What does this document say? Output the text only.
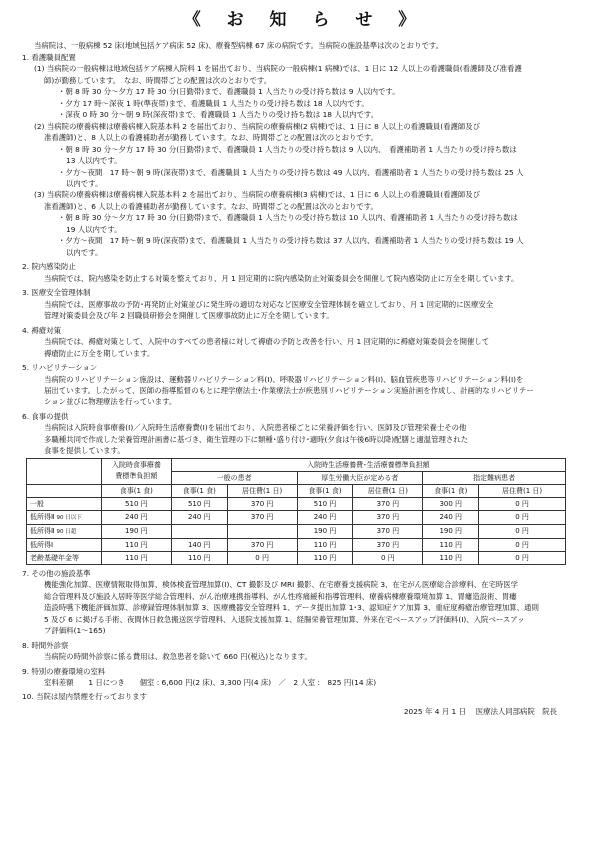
《 お 知 ら せ 》

当病院は、一般病棟 52 床(地域包括ケア病床 52 床)、療養型病棟 67 床の病院です。当病院の施設基準は次のとおりです。

1. 看護職員配置

(1) 当病院の一般病棟は地域包括ケア病棟入院料 1 を届出ており、当病院の一般病棟(1 病棟)では、1 日に 12 人以上の看護職員(看護師及び准看護

師)が勤務しています。　なお、時間帯ごとの配置は次のとおりです。

・朝 8 時 30 分～夕方 17 時 30 分(日勤帯)まで、看護職員 1 人当たりの受け持ち数は 9 人以内です。

・夕方 17 時～深夜 1 時(準夜帯)まで、看護職員 1 人当たりの受け持ち数は 18 人以内です。

・深夜 0 時 30 分～朝 9 時(深夜帯)まで、看護職員 1 人当たりの受け持ち数は 18 人以内です。

(2) 当病院の療養病棟は療養病棟入院基本料 2 を届出ており、当病院の療養病棟(2 病棟)では、1 日に 8 人以上の看護職員(看護師及び

准看護師)と、8 人以上の看護補助者が勤務しています。なお、時間帯ごとの配置は次のとおりです。

・朝 8 時 30 分～夕方 17 時 30 分(日勤帯)まで、看護職員 1 人当たりの受け持ち数は 9 人以内、　看護補助者 1 人当たりの受け持ち数は

13 人以内です。

・夕方～夜間　17 時～朝 9 時(深夜帯)まで、看護職員 1 人当たりの受け持ち数は 49 人以内、看護補助者 1 人当たりの受け持ち数は 25 人

以内です。

(3) 当病院の療養病棟は療養病棟入院基本料 2 を届出ており、当病院の療養病棟(3 病棟)では、1 日に 6 人以上の看護職員(看護師及び

准看護師)と、6 人以上の看護補助者が勤務しています。なお、時間帯ごとの配置は次のとおりです。

・朝 8 時 30 分～夕方 17 時 30 分(日勤帯)まで、看護職員 1 人当たりの受け持ち数は 10 人以内、看護補助者 1 人当たりの受け持ち数は

19 人以内です。

・夕方～夜間　17 時～朝 9 時(深夜帯)まで、看護職員 1 人当たりの受け持ち数は 37 人以内、看護補助者 1 人当たりの受け持ち数は 19 人

以内です。

2. 院内感染防止

当病院では、院内感染を防止する対策を整えており、月 1 回定期的に院内感染防止対策委員会を開催して院内感染防止に万全を期しています。

3. 医療安全管理体制

当病院では、医療事故の予防･再発防止対策並びに発生時の適切な対応など医療安全管理体制を確立しており、月 1 回定期的に医療安全

管理対策委員会及び年 2 回職員研修会を開催して医療事故防止に万全を期しています。

4. 褥瘡対策

当病院では、褥瘡対策として、入院中のすべての患者様に対して褥瘡の予防と改善を行い、月 1 回定期的に褥瘡対策委員会を開催して

褥瘡防止に万全を期しています。

5. リハビリテーション

当病院のリハビリテーション施設は、運動器リハビリテーション料(Ⅰ)、呼吸器リハビリテーション料(Ⅰ)、脳血管疾患等リハビリテーション料(Ⅰ)を

届出ています。したがって、医師の指導監督のもとに理学療法士･作業療法士が疾患別リハビリテーション実施計画を作成し、計画的なリハビリテー

ション並びに物理療法を行っています。

6. 食事の提供

当病院は入院時食事療養(Ⅰ)／入院時生活療養費(Ⅰ)を届出ており、入院患者様ごとに栄養評価を行い、医師及び管理栄養士その他

多職種共同で作成した栄養管理計画書に基づき、衛生管理の下に類種･盛り付け･適時(夕食は午後6時以降)配膳と適温管理された

食事を提供しています。

	入院時食事療養
費標準負担額	入院時生活療養費･生活療養標準負担額					
		一般の患者		厚生労働大臣が定める者		指定難病患者	
	食事(1 食)	食事(1 食)	居住費(1 日)	食事(1 食)	居住費(1 日)	食事(1 食)	居住費(1 日)
一般	510 円	510 円	370 円	510 円	370 円	300 円	0 円
低所得Ⅱ 90 日以下	240 円	240 円	370 円	240 円	370 円	240 円	0 円
低所得Ⅱ 90 日超	190 円			190 円	370 円	190 円	0 円
低所得Ⅰ	110 円	140 円	370 円	110 円	370 円	110 円	0 円
老齢基礎年金等	110 円	110 円	0 円	110 円	0 円	110 円	0 円

7. その他の施設基準

機能強化加算、医療情報取得加算、検体検査管理加算(Ⅰ)、CT 撮影及び MRI 撮影、在宅療養支援病院 3、在宅がん医療総合診療料、在宅時医学

総合管理料及び施設入居時等医学総合管理料、がん治療連携指導料、がん性疼痛緩和指導管理料、療養病棟療養環境加算 1、胃瘻造設術、胃瘻

造設時嚥下機能評価加算、診療録管理体制加算 3、医療機器安全管理料 1、データ提出加算 1･3、認知症ケア加算 3、重症度褥瘡治療管理加算、通則

5 及び 6 に掲げる手術、夜間休日救急搬送医学管理料、入退院支援加算 1、経腸栄養管理加算、外来在宅ベースアップ評価料(Ⅰ)、入院ベースアッ

プ評価料(1～165)

8. 時間外診察

当病院の時間外診察に係る費用は、救急患者を除いて 660 円(税込)となります。

9. 特別の療養環境の室料

室料差額　　1 日につき　　個室 : 6,600 円(2 床)、3,300 円(4 床)　／　2 人室 :　825 円(14 床)

10. 当院は屋内禁煙を行っております

2025 年 4 月 1 日　 医療法人同部病院　院長
